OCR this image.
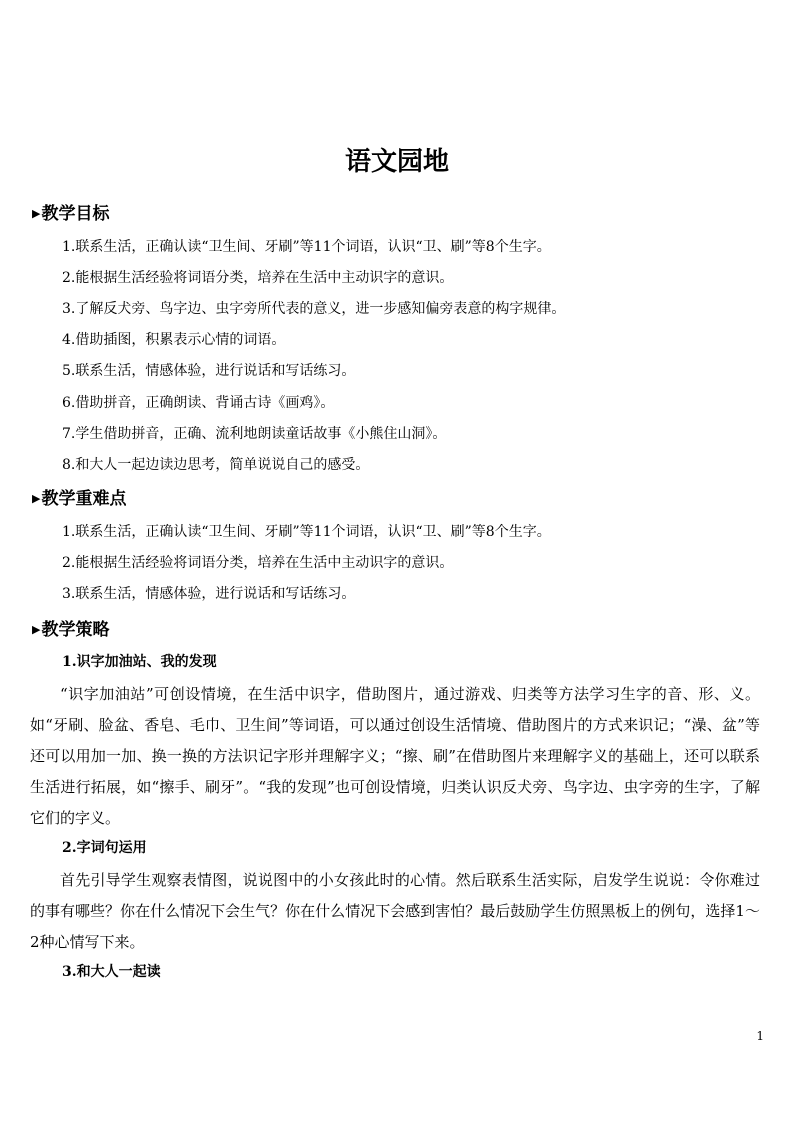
语文园地
▶教学目标
1.联系生活，正确认读“卫生间、牙刷”等11个词语，认识“卫、刷”等8个生字。
2.能根据生活经验将词语分类，培养在生活中主动识字的意识。
3.了解反犬旁、鸟字边、虫字旁所代表的意义，进一步感知偏旁表意的构字规律。
4.借助插图，积累表示心情的词语。
5.联系生活，情感体验，进行说话和写话练习。
6.借助拼音，正确朗读、背诵古诗《画鸡》。
7.学生借助拼音，正确、流利地朗读童话故事《小熊住山洞》。
8.和大人一起边读边思考，简单说说自己的感受。
▶教学重难点
1.联系生活，正确认读“卫生间、牙刷”等11个词语，认识“卫、刷”等8个生字。
2.能根据生活经验将词语分类，培养在生活中主动识字的意识。
3.联系生活，情感体验，进行说话和写话练习。
▶教学策略
1.识字加油站、我的发现
“识字加油站”可创设情境，在生活中识字，借助图片，通过游戏、归类等方法学习生字的音、形、义。如“牙刷、脸盆、香皂、毛巾、卫生间”等词语，可以通过创设生活情境、借助图片的方式来识记；“澡、盆”等还可以用加一加、换一换的方法识记字形并理解字义；“擦、刷”在借助图片来理解字义的基础上，还可以联系生活进行拓展，如“擦手、刷牙”。“我的发现”也可创设情境，归类认识反犬旁、鸟字边、虫字旁的生字，了解它们的字义。
2.字词句运用
首先引导学生观察表情图，说说图中的小女孩此时的心情。然后联系生活实际，启发学生说说：令你难过的事有哪些？你在什么情况下会生气？你在什么情况下会感到害怕？最后鼓励学生仿照黑板上的例句，选择1～2种心情写下来。
3.和大人一起读
1
